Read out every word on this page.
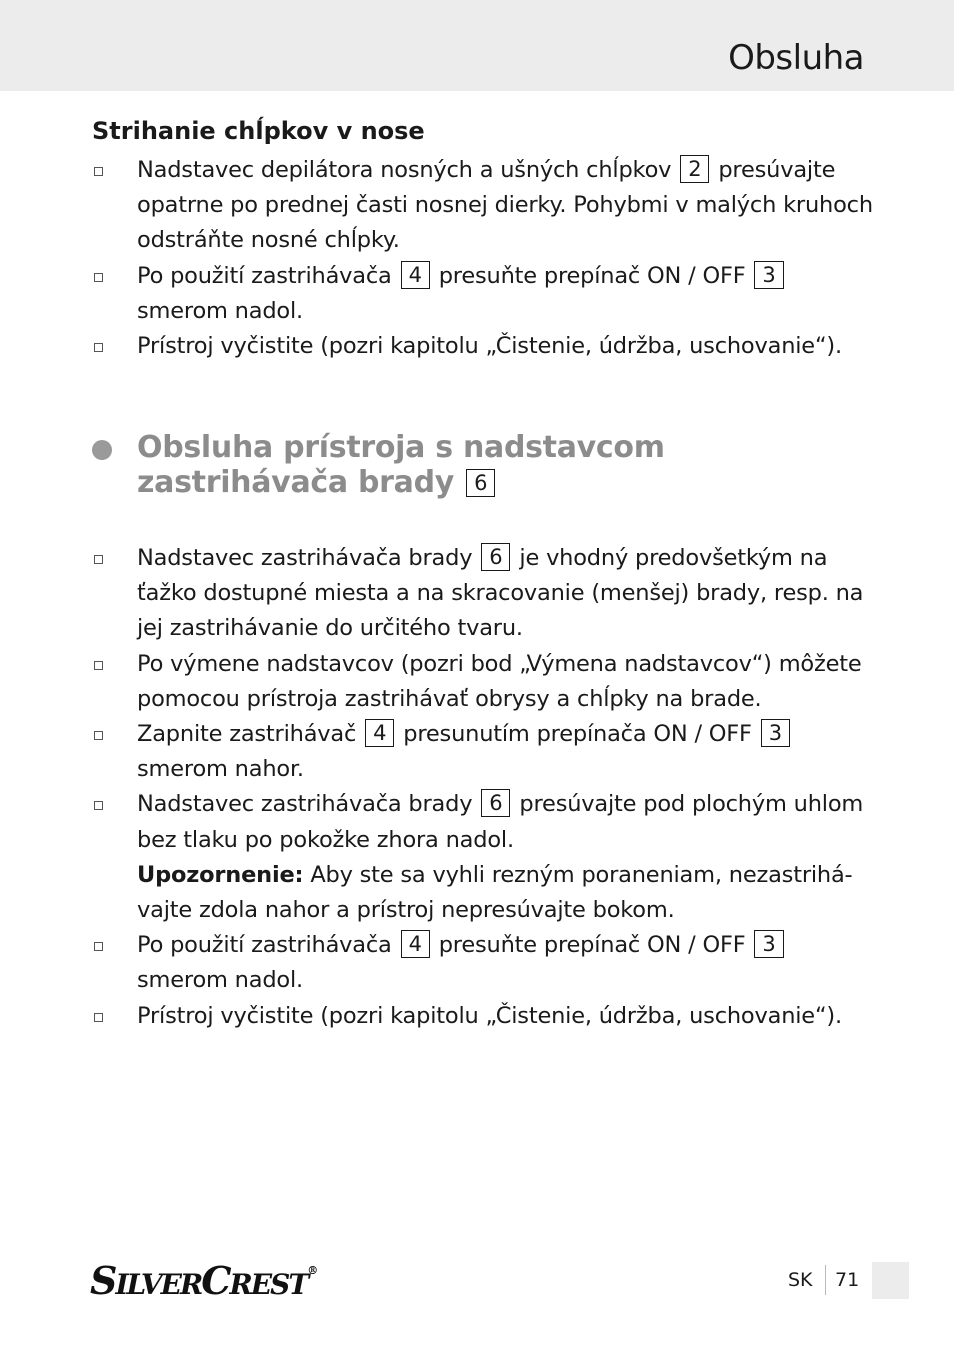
Obsluha
Strihanie chĺpkov v nose
Nadstavec depilátora nosných a ušných chĺpkov 2 presúvajte
opatrne po prednej časti nosnej dierky. Pohybmi v malých kruhoch
odstráňte nosné chĺpky.
Po použití zastrihávača 4 presuňte prepínač ON / OFF 3
smerom nadol.
Prístroj vyčistite (pozri kapitolu „Čistenie, údržba, uschovanie“).
Obsluha prístroja s nadstavcom
zastrihávača brady 6
Nadstavec zastrihávača brady 6 je vhodný predovšetkým na
ťažko dostupné miesta a na skracovanie (menšej) brady, resp. na
jej zastrihávanie do určitého tvaru.
Po výmene nadstavcov (pozri bod „Výmena nadstavcov“) môžete
pomocou prístroja zastrihávať obrysy a chĺpky na brade.
Zapnite zastrihávač 4 presunutím prepínača ON / OFF 3
smerom nahor.
Nadstavec zastrihávača brady 6 presúvajte pod plochým uhlom
bez tlaku po pokožke zhora nadol.
Upozornenie: Aby ste sa vyhli rezným poraneniam, nezastrihá-
vajte zdola nahor a prístroj nepresúvajte bokom.
Po použití zastrihávača 4 presuňte prepínač ON / OFF 3
smerom nadol.
Prístroj vyčistite (pozri kapitolu „Čistenie, údržba, uschovanie“).
SILVERCREST®	SK 71
